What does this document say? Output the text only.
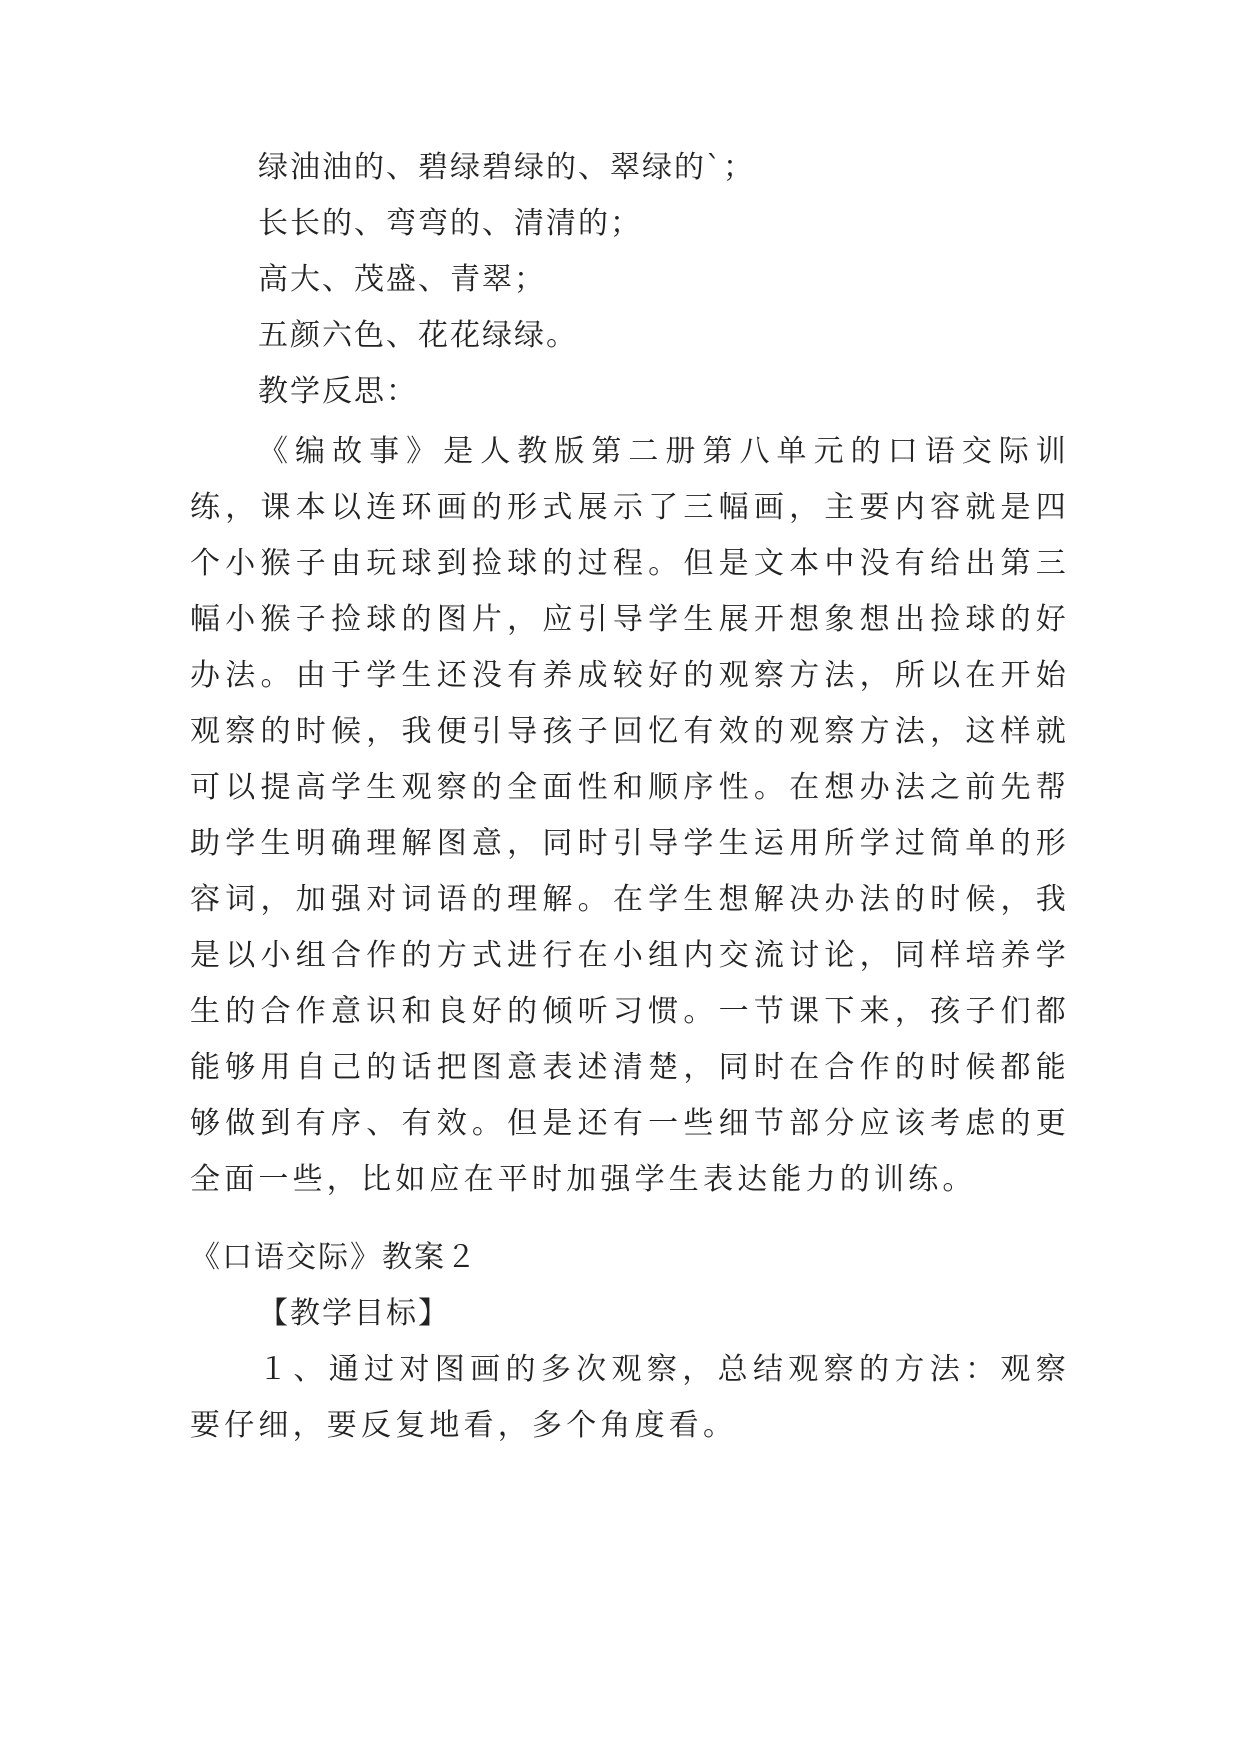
绿油油的、碧绿碧绿的、翠绿的`；
长长的、弯弯的、清清的；
高大、茂盛、青翠；
五颜六色、花花绿绿。
教学反思：

《编故事》是人教版第二册第八单元的口语交际训练，课本以连环画的形式展示了三幅画，主要内容就是四个小猴子由玩球到捡球的过程。但是文本中没有给出第三幅小猴子捡球的图片，应引导学生展开想象想出捡球的好办法。由于学生还没有养成较好的观察方法，所以在开始观察的时候，我便引导孩子回忆有效的观察方法，这样就可以提高学生观察的全面性和顺序性。在想办法之前先帮助学生明确理解图意，同时引导学生运用所学过简单的形容词，加强对词语的理解。在学生想解决办法的时候，我是以小组合作的方式进行在小组内交流讨论，同样培养学生的合作意识和良好的倾听习惯。一节课下来，孩子们都能够用自己的话把图意表述清楚，同时在合作的时候都能够做到有序、有效。但是还有一些细节部分应该考虑的更全面一些，比如应在平时加强学生表达能力的训练。

《口语交际》教案２
【教学目标】

１、通过对图画的多次观察，总结观察的方法：观察要仔细，要反复地看，多个角度看。
